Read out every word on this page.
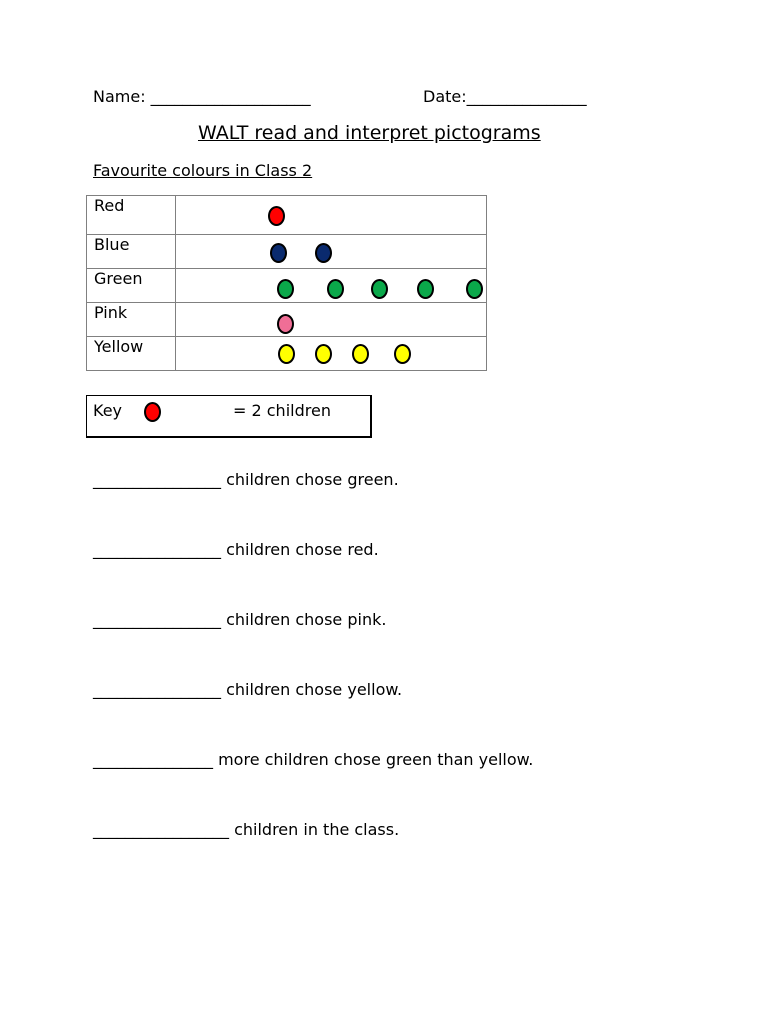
Name: ____________________	Date:_______________
WALT read and interpret pictograms
Favourite colours in Class 2
Red	

Blue	

Green	

Pink	

Yellow	

Key	= 2 children
________________ children chose green.
________________ children chose red.
________________ children chose pink.
________________ children chose yellow.
_______________ more children chose green than yellow.
_________________ children in the class.
